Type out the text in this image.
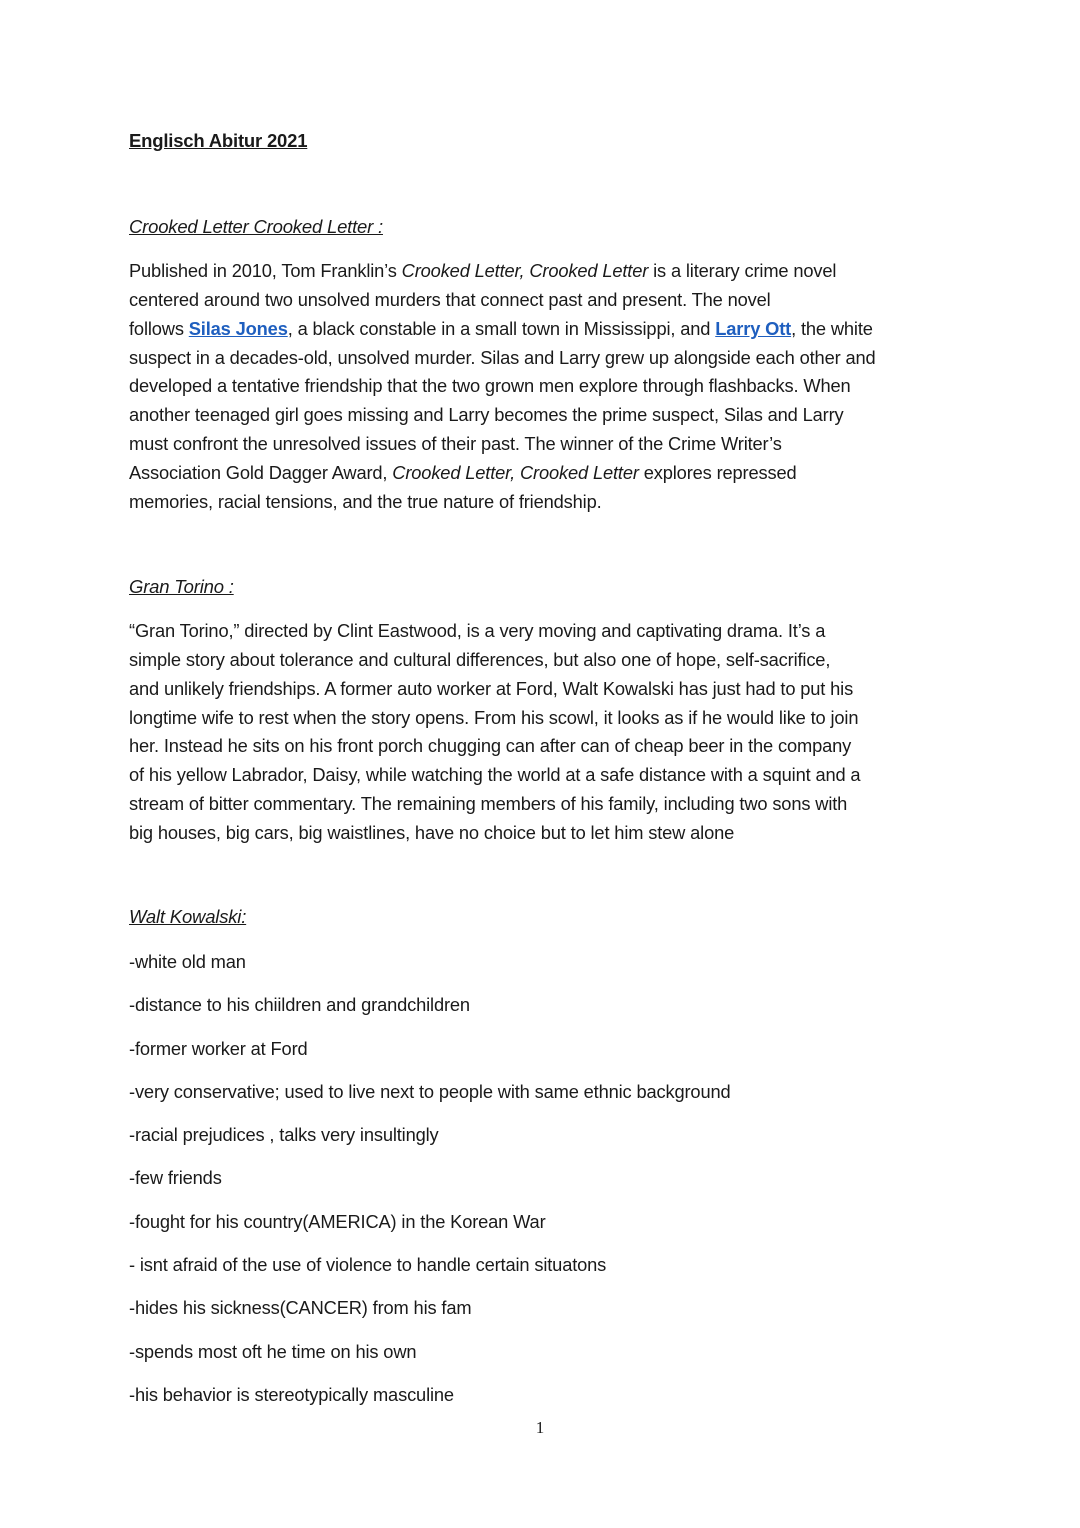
Englisch Abitur 2021
Crooked Letter Crooked Letter :
Published in 2010, Tom Franklin’s Crooked Letter, Crooked Letter is a literary crime novel
centered around two unsolved murders that connect past and present. The novel
follows Silas Jones, a black constable in a small town in Mississippi, and Larry Ott, the white
suspect in a decades-old, unsolved murder. Silas and Larry grew up alongside each other and
developed a tentative friendship that the two grown men explore through flashbacks. When
another teenaged girl goes missing and Larry becomes the prime suspect, Silas and Larry
must confront the unresolved issues of their past. The winner of the Crime Writer’s
Association Gold Dagger Award, Crooked Letter, Crooked Letter explores repressed
memories, racial tensions, and the true nature of friendship.
Gran Torino :
“Gran Torino,” directed by Clint Eastwood, is a very moving and captivating drama. It’s a
simple story about tolerance and cultural differences, but also one of hope, self-sacrifice,
and unlikely friendships. A former auto worker at Ford, Walt Kowalski has just had to put his
longtime wife to rest when the story opens. From his scowl, it looks as if he would like to join
her. Instead he sits on his front porch chugging can after can of cheap beer in the company
of his yellow Labrador, Daisy, while watching the world at a safe distance with a squint and a
stream of bitter commentary. The remaining members of his family, including two sons with
big houses, big cars, big waistlines, have no choice but to let him stew alone
Walt Kowalski:
-white old man
-distance to his chiildren and grandchildren
-former worker at Ford
-very conservative; used to live next to people with same ethnic background
-racial prejudices , talks very insultingly
-few friends
-fought for his country(AMERICA) in the Korean War
- isnt afraid of the use of violence to handle certain situatons
-hides his sickness(CANCER) from his fam
-spends most oft he time on his own
-his behavior is stereotypically masculine
1
